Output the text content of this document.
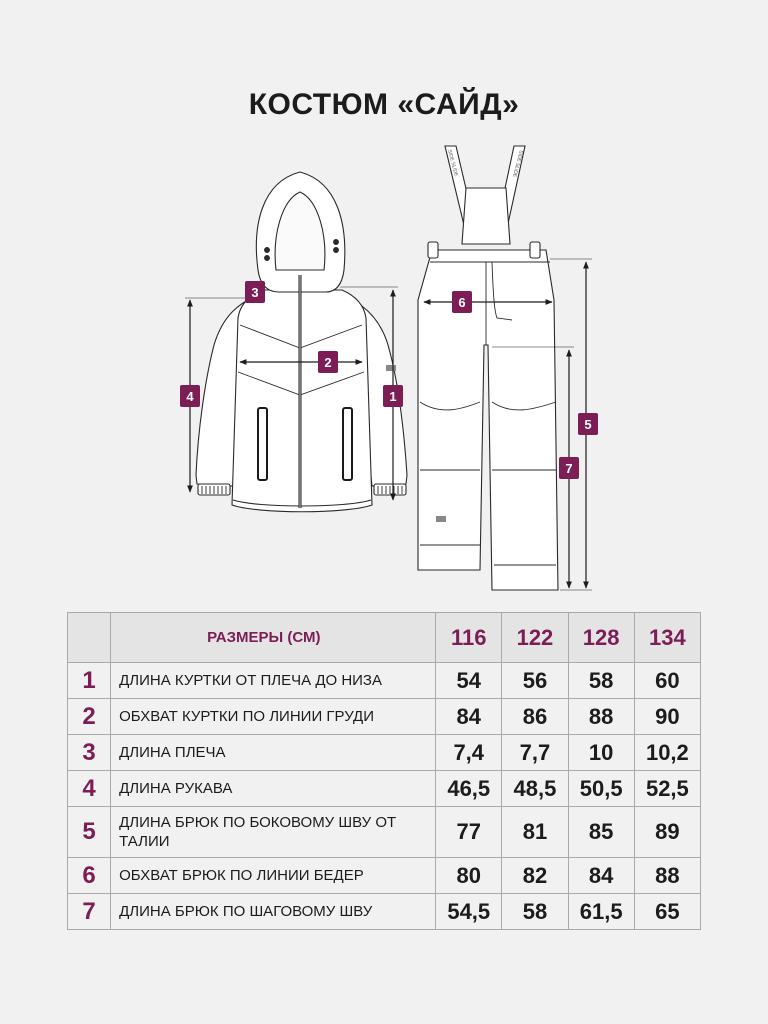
КОСТЮМ «САЙД»
SIDE SLIDE	SIDE SLIDE
1
2
3
4
5
6
7
	РАЗМЕРЫ (СМ)	116	122	128	134
1	ДЛИНА КУРТКИ ОТ ПЛЕЧА ДО НИЗА	54	56	58	60
2	ОБХВАТ КУРТКИ ПО ЛИНИИ ГРУДИ	84	86	88	90
3	ДЛИНА ПЛЕЧА	7,4	7,7	10	10,2
4	ДЛИНА РУКАВА	46,5	48,5	50,5	52,5
5	ДЛИНА БРЮК ПО БОКОВОМУ ШВУ ОТ ТАЛИИ	77	81	85	89
6	ОБХВАТ БРЮК ПО ЛИНИИ БЕДЕР	80	82	84	88
7	ДЛИНА БРЮК ПО ШАГОВОМУ ШВУ	54,5	58	61,5	65
